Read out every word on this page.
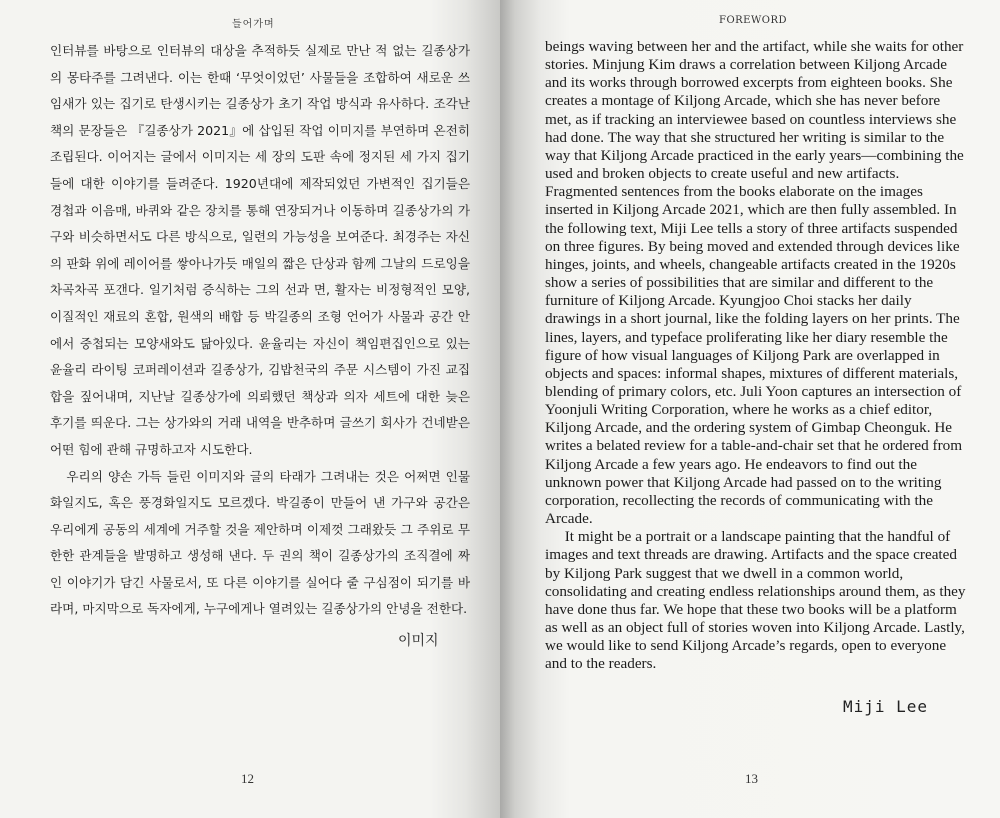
들어가며

인터뷰를 바탕으로 인터뷰의 대상을 추적하듯 실제로 만난 적 없는 길종상가의 몽타주를 그려낸다. 이는 한때 ‘무엇이었던’ 사물들을 조합하여 새로운 쓰임새가 있는 집기로 탄생시키는 길종상가 초기 작업 방식과 유사하다. 조각난 책의 문장들은 『길종상가 2021』에 삽입된 작업 이미지를 부연하며 온전히 조립된다. 이어지는 글에서 이미지는 세 장의 도판 속에 정지된 세 가지 집기들에 대한 이야기를 들려준다. 1920년대에 제작되었던 가변적인 집기들은 경첩과 이음매, 바퀴와 같은 장치를 통해 연장되거나 이동하며 길종상가의 가구와 비슷하면서도 다른 방식으로, 일련의 가능성을 보여준다. 최경주는 자신의 판화 위에 레이어를 쌓아나가듯 매일의 짧은 단상과 함께 그날의 드로잉을 차곡차곡 포갠다. 일기처럼 증식하는 그의 선과 면, 활자는 비정형적인 모양, 이질적인 재료의 혼합, 원색의 배합 등 박길종의 조형 언어가 사물과 공간 안에서 중첩되는 모양새와도 닮아있다. 윤율리는 자신이 책임편집인으로 있는 윤율리 라이팅 코퍼레이션과 길종상가, 김밥천국의 주문 시스템이 가진 교집합을 짚어내며, 지난날 길종상가에 의뢰했던 책상과 의자 세트에 대한 늦은 후기를 띄운다. 그는 상가와의 거래 내역을 반추하며 글쓰기 회사가 건네받은 어떤 힘에 관해 규명하고자 시도한다.

우리의 양손 가득 들린 이미지와 글의 타래가 그려내는 것은 어쩌면 인물화일지도, 혹은 풍경화일지도 모르겠다. 박길종이 만들어 낸 가구와 공간은 우리에게 공동의 세계에 거주할 것을 제안하며 이제껏 그래왔듯 그 주위로 무한한 관계들을 발명하고 생성해 낸다. 두 권의 책이 길종상가의 조직결에 짜인 이야기가 담긴 사물로서, 또 다른 이야기를 실어다 줄 구심점이 되기를 바라며, 마지막으로 독자에게, 누구에게나 열려있는 길종상가의 안녕을 전한다.

이미지
12
FOREWORD

beings waving between her and the artifact, while she waits for other stories. Minjung Kim draws a correlation between Kiljong Arcade and its works through borrowed excerpts from eighteen books. She creates a montage of Kiljong Arcade, which she has never before met, as if tracking an interviewee based on countless interviews she had done. The way that she structured her writing is similar to the way that Kiljong Arcade practiced in the early years—combining the used and broken objects to create useful and new artifacts. Fragmented sentences from the books elaborate on the images inserted in Kiljong Arcade 2021, which are then fully assembled. In the following text, Miji Lee tells a story of three artifacts suspended on three figures. By being moved and extended through devices like hinges, joints, and wheels, changeable artifacts created in the 1920s show a series of possibilities that are similar and different to the furniture of Kiljong Arcade. Kyungjoo Choi stacks her daily drawings in a short journal, like the folding layers on her prints. The lines, layers, and typeface proliferating like her diary resemble the figure of how visual languages of Kiljong Park are overlapped in objects and spaces: informal shapes, mixtures of different materials, blending of primary colors, etc. Juli Yoon captures an intersection of Yoonjuli Writing Corporation, where he works as a chief editor, Kiljong Arcade, and the ordering system of Gimbap Cheonguk. He writes a belated review for a table-and-chair set that he ordered from Kiljong Arcade a few years ago. He endeavors to find out the unknown power that Kiljong Arcade had passed on to the writing corporation, recollecting the records of communicating with the Arcade.

It might be a portrait or a landscape painting that the handful of images and text threads are drawing. Artifacts and the space created by Kiljong Park suggest that we dwell in a common world, consolidating and creating endless relationships around them, as they have done thus far. We hope that these two books will be a platform as well as an object full of stories woven into Kiljong Arcade. Lastly, we would like to send Kiljong Arcade’s regards, open to everyone and to the readers.

Miji Lee
13
